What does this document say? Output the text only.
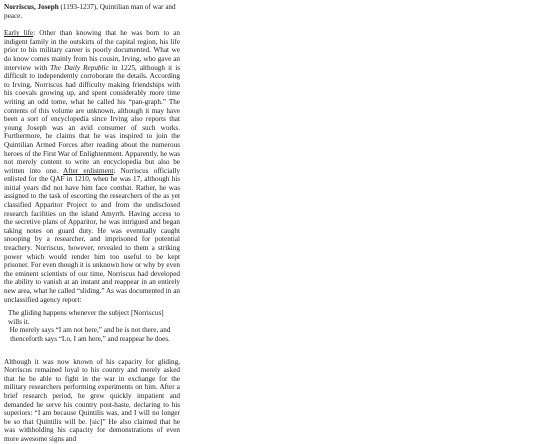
Norriscus, Joseph (1193-1237), Quintilian man of war and peace.
Early life: Other than knowing that he was born to an indigent family in the outskirts of the capital region, his life prior to his military career is poorly documented. What we do know comes mainly from his cousin, Irving, who gave an interview with The Daily Republic in 1225, although it is difficult to independently corroborate the details. According to Irving, Norriscus had difficulty making friendships with his coevals growing up, and spent considerably more time writing an odd tome, what he called his “pan-graph.” The contents of this volume are unknown, although it may have been a sort of encyclopedia since Irving also reports that young Joseph was an avid consumer of such works. Furthermore, he claims that he was inspired to join the Quintilian Armed Forces after reading about the numerous heroes of the First War of Enlightenment. Apparently, he was not merely content to write an encyclopedia but also be written into one. After enlistment: Norriscus officially enlisted for the QAF in 1210, when he was 17, although his initial years did not have him face combat. Rather, he was assigned to the task of escorting the researchers of the as yet classified Apparitor Project to and from the undisclosed research facilities on the island Amyrrh. Having access to the secretive plans of Apparitor, he was intrigued and began taking notes on guard duty. He was eventually caught snooping by a researcher, and imprisoned for potential treachery. Norriscus, however, revealed to them a striking power which would render him too useful to be kept prisoner. For even though it is unknown how or why by even the eminent scientists of our time, Norriscus had developed the ability to vanish at an instant and reappear in an entirely new area, what he called “sliding.” As was documented in an unclassified agency report:
The gliding happens whenever the subject [Norriscus] wills it.
He merely says “I am not here,” and he is not there, and
thenceforth says “Lo, I am here,” and reappear he does.
Although it was now known of his capacity for gliding, Norriscus remained loyal to his country and merely asked that he be able to fight in the war in exchange for the military researchers performing experiments on him. After a brief research period, he grew quickly impatient and demanded he serve his country post-haste, declaring to his superiors: “I am because Quintilis was, and I will no longer be so that Quintilis will be. [sic]” He also claimed that he was withholding his capacity for demonstrations of even more awesome signs and
